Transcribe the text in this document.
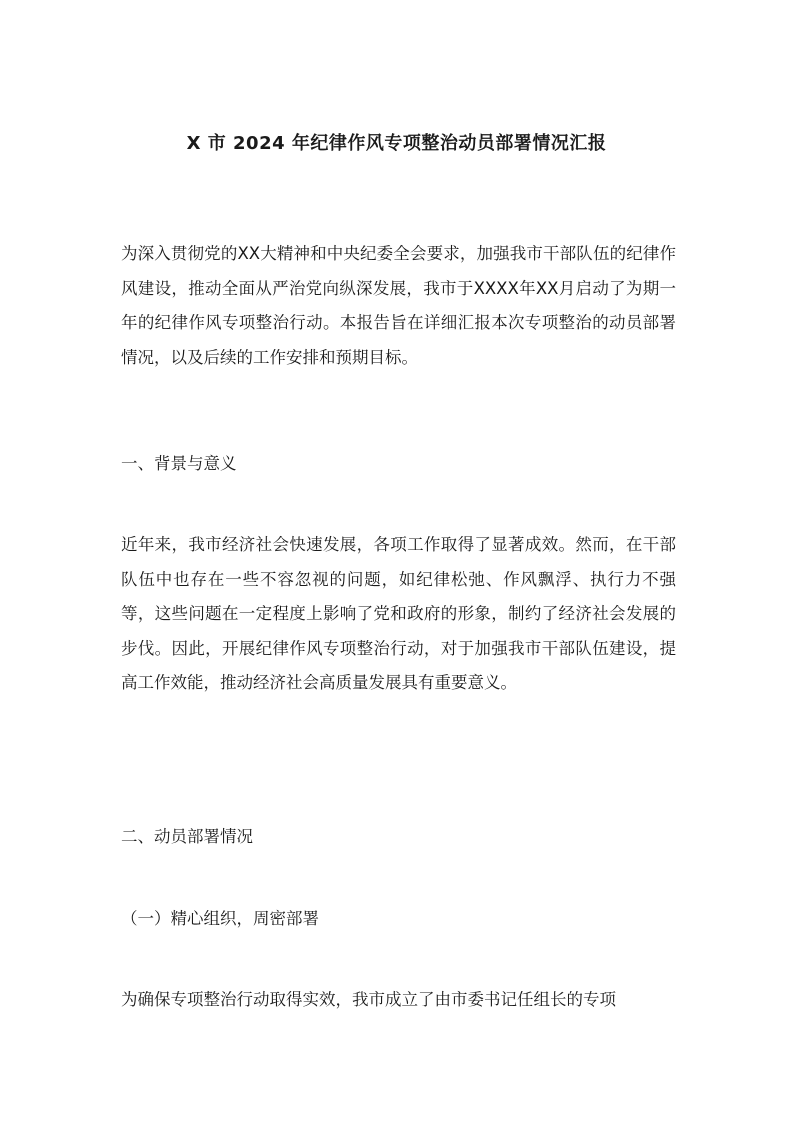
X 市 2024 年纪律作风专项整治动员部署情况汇报
为深入贯彻党的XX大精神和中央纪委全会要求，加强我市干部队伍的纪律作风建设，推动全面从严治党向纵深发展，我市于XXXX年XX月启动了为期一年的纪律作风专项整治行动。本报告旨在详细汇报本次专项整治的动员部署情况，以及后续的工作安排和预期目标。
一、背景与意义
近年来，我市经济社会快速发展，各项工作取得了显著成效。然而，在干部队伍中也存在一些不容忽视的问题，如纪律松弛、作风飘浮、执行力不强等，这些问题在一定程度上影响了党和政府的形象，制约了经济社会发展的步伐。因此，开展纪律作风专项整治行动，对于加强我市干部队伍建设，提高工作效能，推动经济社会高质量发展具有重要意义。
二、动员部署情况
（一）精心组织，周密部署
为确保专项整治行动取得实效，我市成立了由市委书记任组长的专项
